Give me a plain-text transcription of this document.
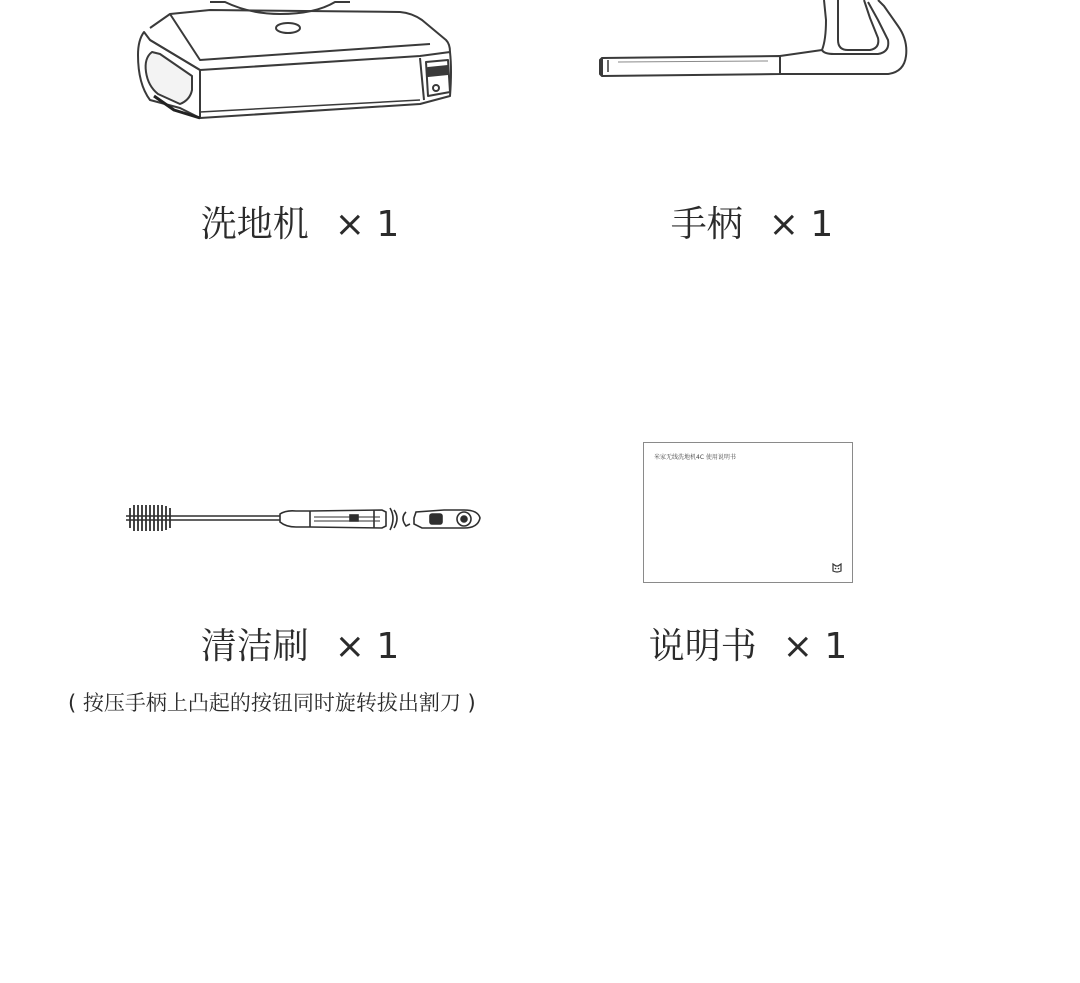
洗地机 × 1	手柄 × 1
米家无线洗地机4C 使用说明书
清洁刷 × 1	说明书 × 1
( 按压手柄上凸起的按钮同时旋转拔出割刀 )
